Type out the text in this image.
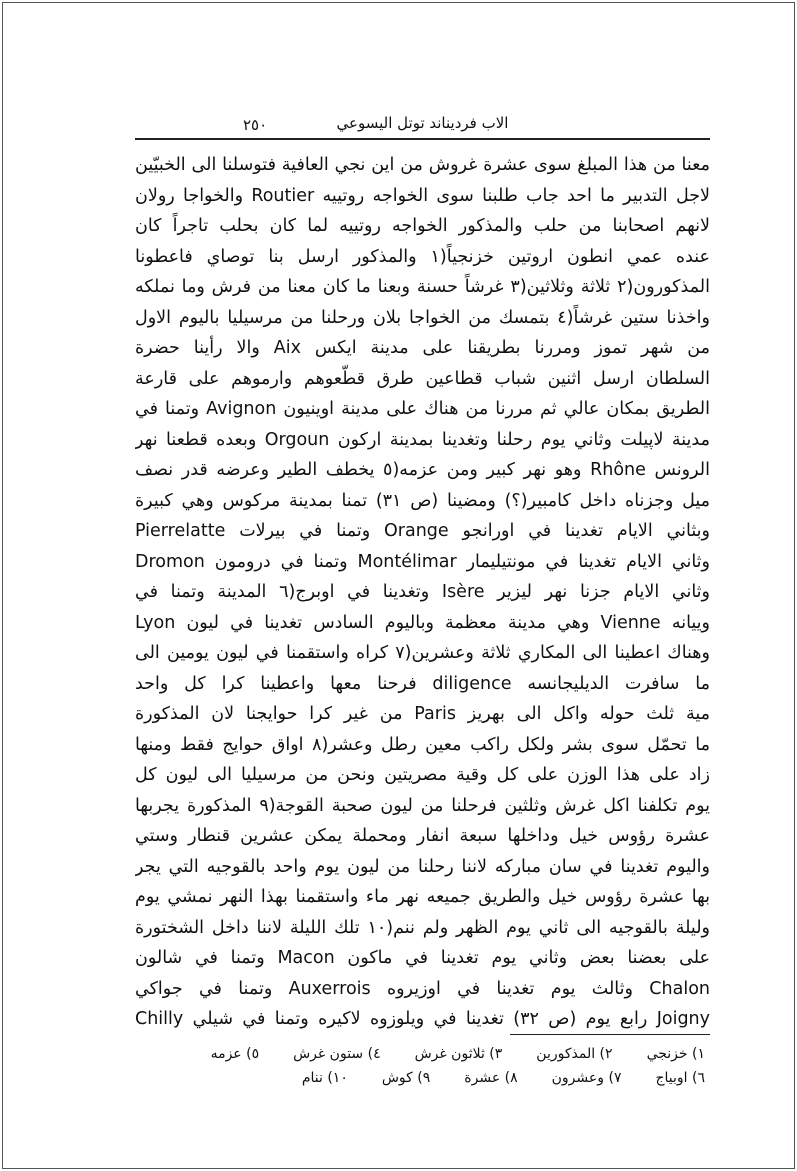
٢٥٠	الاب فرديناند توتل اليسوعي
معنا من هذا المبلغ سوى عشرة غروش من اين نجي العافية فتوسلنا الى الخبيّين
لاجل التدبير ما احد جاب طلبنا سوى الخواجه روتييه Routier والخواجا رولان
لانهم اصحابنا من حلب والمذكور الخواجه روتييه لما كان بحلب تاجراً كان
عنده عمي انطون اروتين خزنجياً(١ والمذكور ارسل بنا توصاي فاعطونا
المذكورون(٢ ثلاثة وثلاثين(٣ غرشاً حسنة وبعنا ما كان معنا من فرش وما نملكه
واخذنا ستين غرشاً(٤ بتمسك من الخواجا بلان ورحلنا من مرسيليا باليوم الاول
من شهر تموز ومررنا بطريقنا على مدينة ايكس Aix والا رأينا حضرة
السلطان ارسل اثنين شباب قطاعين طرق قطّعوهم وارموهم على قارعة
الطريق بمكان عالي ثم مررنا من هناك على مدينة اوينيون Avignon وتمنا في
مدينة لاپيلت وثاني يوم رحلنا وتغدينا بمدينة اركون Orgoun وبعده قطعنا نهر
الرونس Rhône وهو نهر كبير ومن عزمه(٥ يخطف الطير وعرضه قدر نصف
ميل وجزناه داخل كامبير(؟) ومضينا (ص ٣١) تمنا بمدينة مركوس وهي كبيرة
وبثاني الايام تغدينا في اورانجو Orange وتمنا في بيرلات Pierrelatte
وثاني الايام تغدينا في مونتيليمار Montélimar وتمنا في درومون Dromon
وثاني الايام جزنا نهر ليزير Isère وتغدينا في اوبرج(٦ المدينة وتمنا في
وييانه Vienne وهي مدينة معظمة وباليوم السادس تغدينا في ليون Lyon
وهناك اعطينا الى المكاري ثلاثة وعشرين(٧ كراه واستقمنا في ليون يومين الى
ما سافرت الديليجانسه diligence فرحنا معها واعطينا كرا كل واحد
مية ثلث حوله واكل الى بهريز Paris من غير كرا حوايجنا لان المذكورة
ما تحمّل سوى بشر ولكل راكب معين رطل وعشر(٨ اواق حوايج فقط ومنها
زاد على هذا الوزن على كل وقية مصريتين ونحن من مرسيليا الى ليون كل
يوم تكلفنا اكل غرش وثلثين فرحلنا من ليون صحبة القوجة(٩ المذكورة يجربها
عشرة رؤوس خيل وداخلها سبعة انفار ومحملة يمكن عشرين قنطار وستي
واليوم تغدينا في سان مباركه لاننا رحلنا من ليون يوم واحد بالقوجيه التي يجر
بها عشرة رؤوس خيل والطريق جميعه نهر ماء واستقمنا بهذا النهر نمشي يوم
وليلة بالقوجيه الى ثاني يوم الظهر ولم ننم(١٠ تلك الليلة لاننا داخل الشختورة
على بعضنا بعض وثاني يوم تغدينا في ماكون Macon وتمنا في شالون
Chalon وثالث يوم تغدينا في اوزيروه Auxerrois وتمنا في جواكي
Joigny رابع يوم (ص ٣٢) تغدينا في ويلوزوه لاكيره وتمنا في شيلي Chilly
١) خزنجي
٢) المذكورين
٣) ثلاثون غرش
٤) ستون غرش
٥) عزمه
٦) اوبياج
٧) وعشرون
٨) عشرة
٩) كوش
١٠) ننام
